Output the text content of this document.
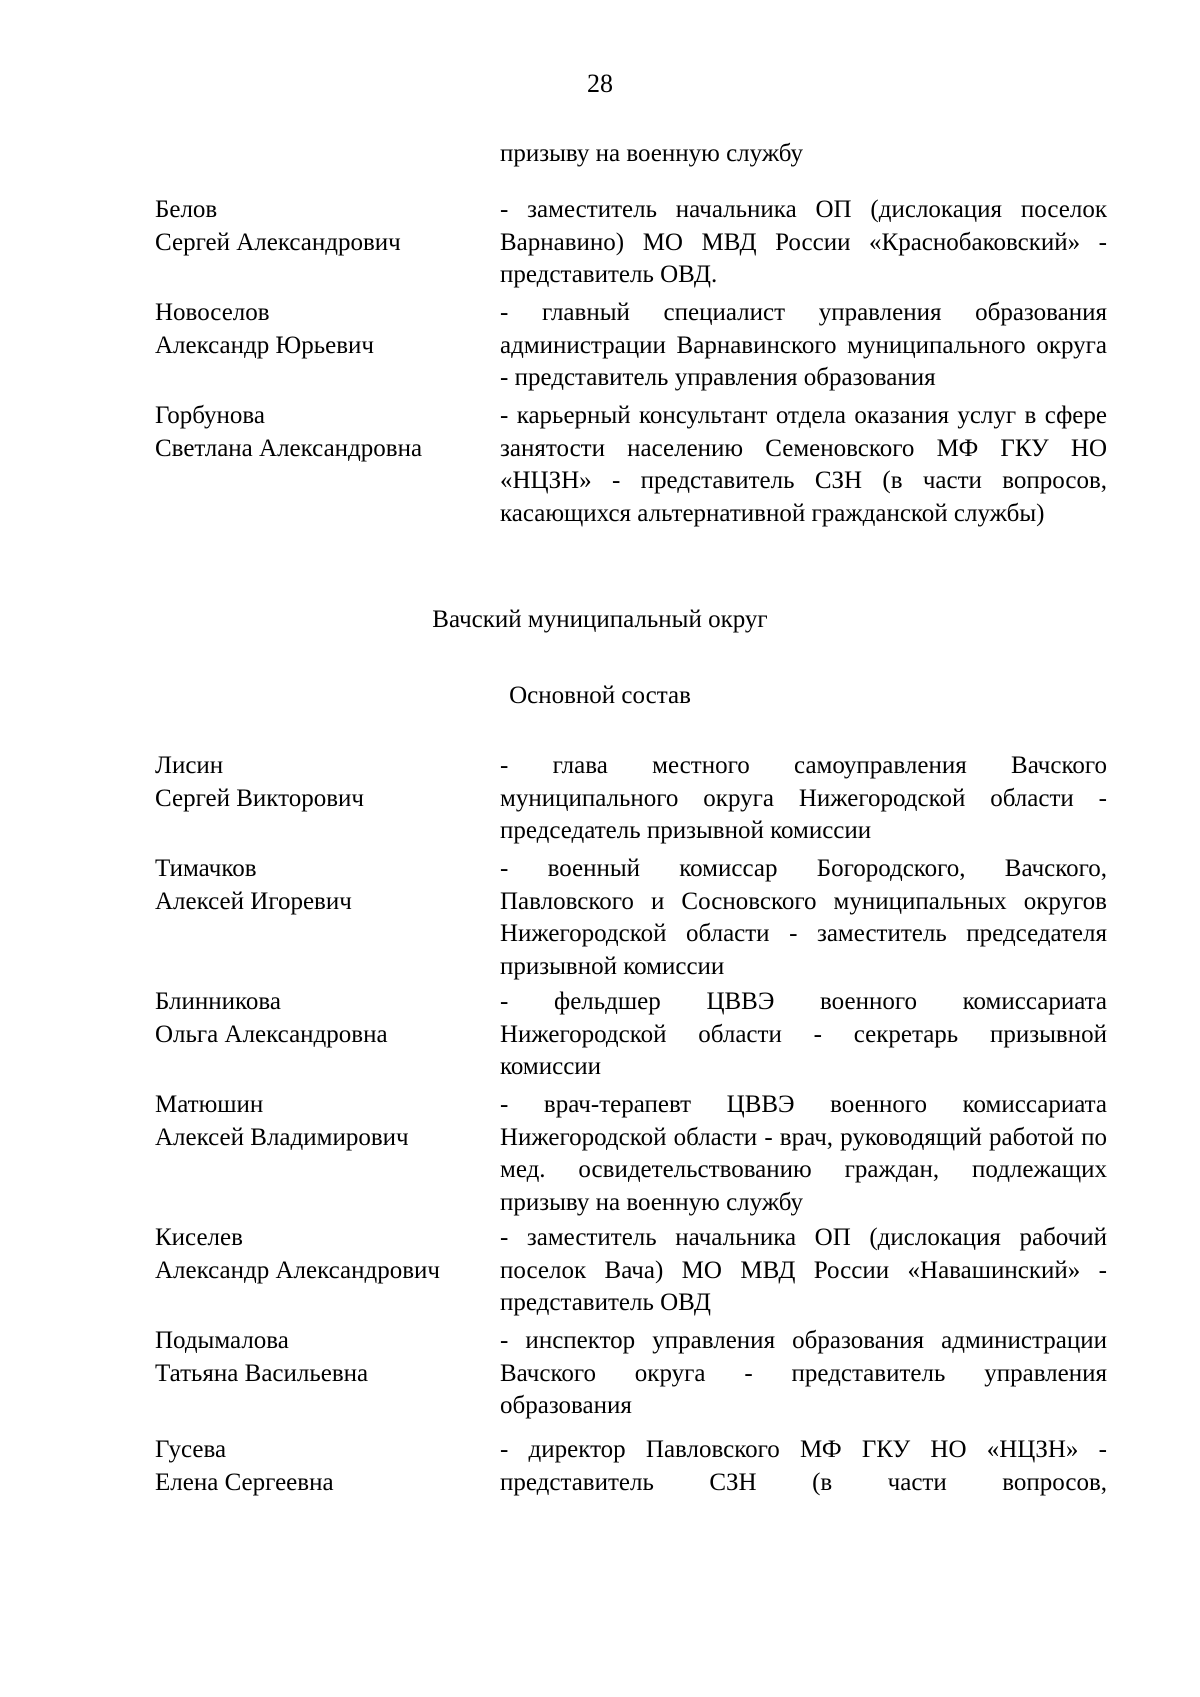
28
призыву на военную службу
Белов
Сергей Александрович
- заместитель начальника ОП (дислокация поселок Варнавино) МО МВД России «Краснобаковский» - представитель ОВД.
Новоселов
Александр Юрьевич
- главный специалист управления образования администрации Варнавинского муниципального округа - представитель управления образования
Горбунова
Светлана Александровна
- карьерный консультант отдела оказания услуг в сфере занятости населению Семеновского МФ ГКУ НО «НЦЗН» - представитель СЗН (в части вопросов, касающихся альтернативной гражданской службы)
Вачский муниципальный округ
Основной состав
Лисин
Сергей Викторович
- глава местного самоуправления Вачского муниципального округа Нижегородской области - председатель призывной комиссии
Тимачков
Алексей Игоревич
- военный комиссар Богородского, Вачского, Павловского и Сосновского муниципальных округов Нижегородской области - заместитель председателя призывной комиссии
Блинникова
Ольга Александровна
- фельдшер ЦВВЭ военного комиссариата Нижегородской области - секретарь призывной комиссии
Матюшин
Алексей Владимирович
- врач-терапевт ЦВВЭ военного комиссариата Нижегородской области - врач, руководящий работой по мед. освидетельствованию граждан, подлежащих призыву на военную службу
Киселев
Александр Александрович
- заместитель начальника ОП (дислокация рабочий поселок Вача) МО МВД России «Навашинский» - представитель ОВД
Подымалова
Татьяна Васильевна
- инспектор управления образования администрации Вачского округа - представитель управления образования
Гусева
Елена Сергеевна
- директор Павловского МФ ГКУ НО «НЦЗН» - представитель СЗН (в части вопросов,
